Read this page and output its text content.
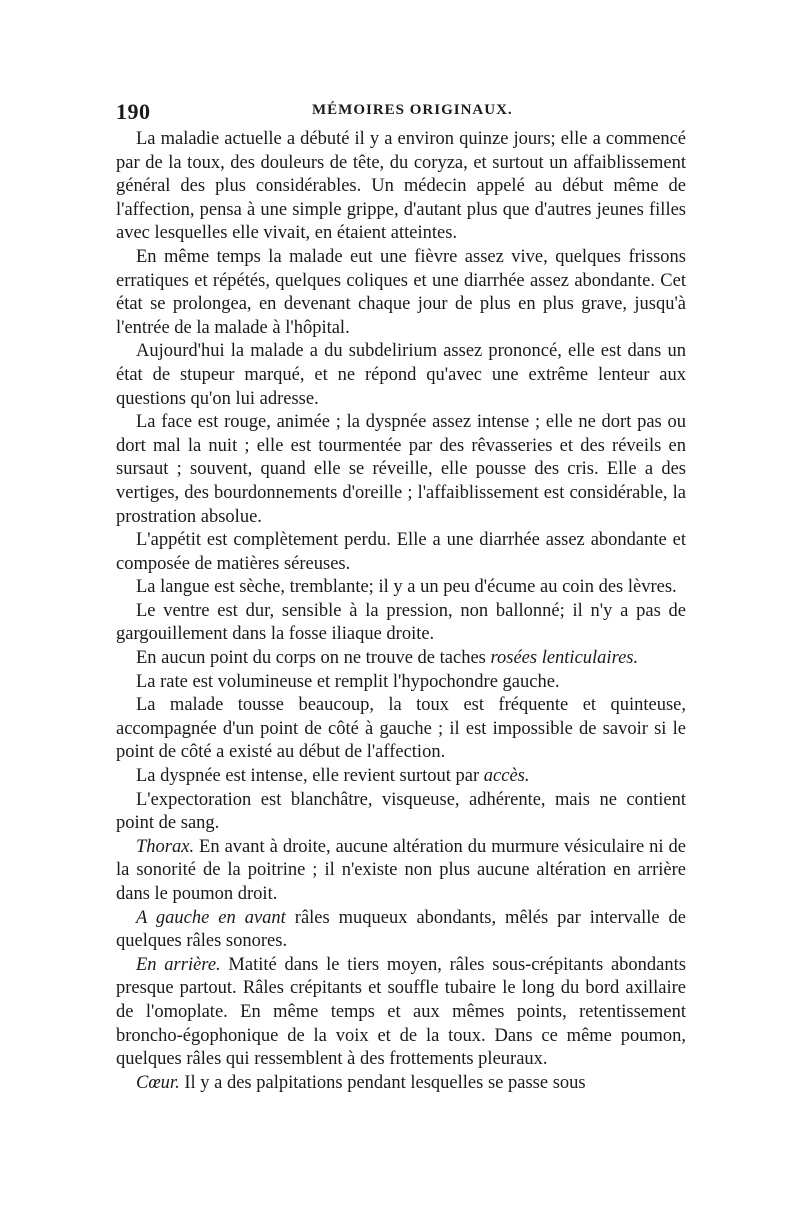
190	MÉMOIRES ORIGINAUX.

La maladie actuelle a débuté il y a environ quinze jours; elle a commencé par de la toux, des douleurs de tête, du coryza, et surtout un affaiblissement général des plus considérables. Un médecin appelé au début même de l'affection, pensa à une simple grippe, d'autant plus que d'autres jeunes filles avec lesquelles elle vivait, en étaient atteintes.

En même temps la malade eut une fièvre assez vive, quelques frissons erratiques et répétés, quelques coliques et une diarrhée assez abondante. Cet état se prolongea, en devenant chaque jour de plus en plus grave, jusqu'à l'entrée de la malade à l'hôpital.

Aujourd'hui la malade a du subdelirium assez prononcé, elle est dans un état de stupeur marqué, et ne répond qu'avec une extrême lenteur aux questions qu'on lui adresse.

La face est rouge, animée ; la dyspnée assez intense ; elle ne dort pas ou dort mal la nuit ; elle est tourmentée par des rêvasseries et des réveils en sursaut ; souvent, quand elle se réveille, elle pousse des cris. Elle a des vertiges, des bourdonnements d'oreille ; l'affaiblissement est considérable, la prostration absolue.

L'appétit est complètement perdu. Elle a une diarrhée assez abondante et composée de matières séreuses.

La langue est sèche, tremblante; il y a un peu d'écume au coin des lèvres.

Le ventre est dur, sensible à la pression, non ballonné; il n'y a pas de gargouillement dans la fosse iliaque droite.

En aucun point du corps on ne trouve de taches rosées lenticulaires.

La rate est volumineuse et remplit l'hypochondre gauche.

La malade tousse beaucoup, la toux est fréquente et quinteuse, accompagnée d'un point de côté à gauche ; il est impossible de savoir si le point de côté a existé au début de l'affection.

La dyspnée est intense, elle revient surtout par accès.

L'expectoration est blanchâtre, visqueuse, adhérente, mais ne contient point de sang.

Thorax. En avant à droite, aucune altération du murmure vésiculaire ni de la sonorité de la poitrine ; il n'existe non plus aucune altération en arrière dans le poumon droit.

A gauche en avant râles muqueux abondants, mêlés par intervalle de quelques râles sonores.

En arrière. Matité dans le tiers moyen, râles sous-crépitants abondants presque partout. Râles crépitants et souffle tubaire le long du bord axillaire de l'omoplate. En même temps et aux mêmes points, retentissement broncho-égophonique de la voix et de la toux. Dans ce même poumon, quelques râles qui ressemblent à des frottements pleuraux.

Cœur. Il y a des palpitations pendant lesquelles se passe sous
